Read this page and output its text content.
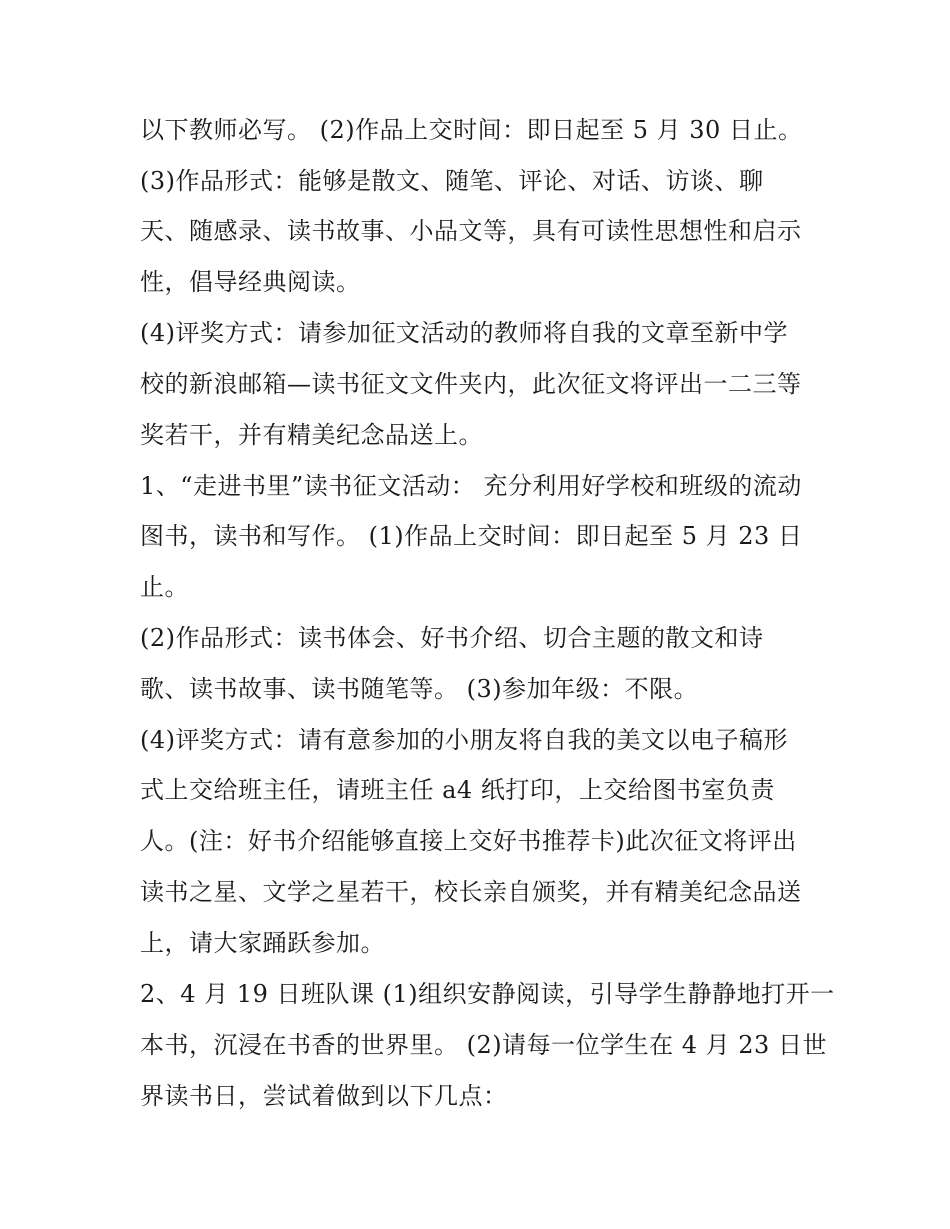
以下教师必写。 (2)作品上交时间：即日起至 5 月 30 日止。
(3)作品形式：能够是散文、随笔、评论、对话、访谈、聊
天、随感录、读书故事、小品文等，具有可读性思想性和启示
性，倡导经典阅读。
(4)评奖方式：请参加征文活动的教师将自我的文章至新中学
校的新浪邮箱—读书征文文件夹内，此次征文将评出一二三等
奖若干，并有精美纪念品送上。
1、“走进书里”读书征文活动： 充分利用好学校和班级的流动
图书，读书和写作。 (1)作品上交时间：即日起至 5 月 23 日
止。
(2)作品形式：读书体会、好书介绍、切合主题的散文和诗
歌、读书故事、读书随笔等。 (3)参加年级：不限。
(4)评奖方式：请有意参加的小朋友将自我的美文以电子稿形
式上交给班主任，请班主任 a4 纸打印，上交给图书室负责
人。(注：好书介绍能够直接上交好书推荐卡)此次征文将评出
读书之星、文学之星若干，校长亲自颁奖，并有精美纪念品送
上，请大家踊跃参加。
2、4 月 19 日班队课 (1)组织安静阅读，引导学生静静地打开一
本书，沉浸在书香的世界里。 (2)请每一位学生在 4 月 23 日世
界读书日，尝试着做到以下几点：
